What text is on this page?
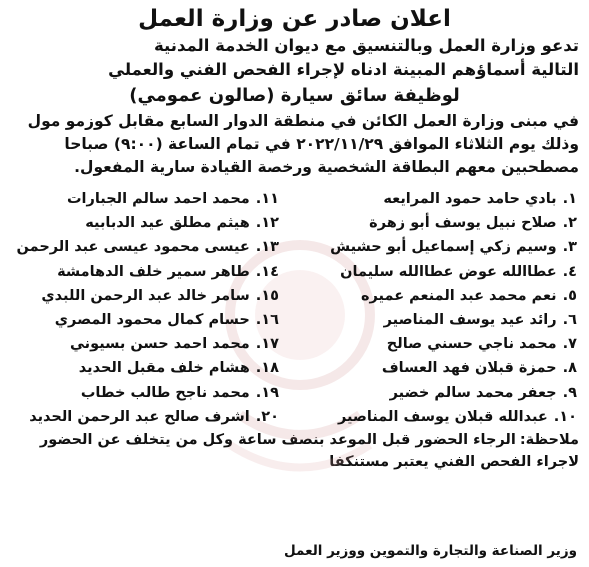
اعلان صادر عن وزارة العمل

تدعو وزارة العمل وبالتنسيق مع ديوان الخدمة المدنية

التالية أسماؤهم المبينة ادناه لإجراء الفحص الفني والعملي

لوظيفة سائق سيارة (صالون عمومي)

في مبنى وزارة العمل الكائن في منطقة الدوار السابع مقابل كوزمو مول

وذلك يوم الثلاثاء الموافق ٢٠٢٢/١١/٢٩ في تمام الساعة (٩:٠٠) صباحا

مصطحبين معهم البطاقة الشخصية ورخصة القيادة سارية المفعول.

١.بادي حامد حمود المرايعه
٢.صلاح نبيل يوسف أبو زهرة
٣.وسيم زكي إسماعيل أبو حشيش
٤.عطاالله عوض عطاالله سليمان
٥.نعم محمد عبد المنعم عميره
٦.رائد عيد يوسف المناصير
٧.محمد ناجي حسني صالح
٨.حمزة قبلان فهد العساف
٩.جعفر محمد سالم خضير
١٠.عبدالله قبلان يوسف المناصير
١١.محمد احمد سالم الجبارات
١٢.هيثم مطلق عيد الدبابيه
١٣.عيسى محمود عيسى عبد الرحمن
١٤.طاهر سمير خلف الدهامشة
١٥.سامر خالد عبد الرحمن اللبدي
١٦.حسام كمال محمود المصري
١٧.محمد احمد حسن بسيوني
١٨.هشام خلف مقبل الحديد
١٩.محمد ناجح طالب خطاب
٢٠.اشرف صالح عبد الرحمن الحديد

ملاحظة:الرجاء الحضور قبل الموعد بنصف ساعة وكل من يتخلف عن الحضور

لاجراء الفحص الفني يعتبر مستنكفا

وزير الصناعة والتجارة والتموين ووزير العمل
